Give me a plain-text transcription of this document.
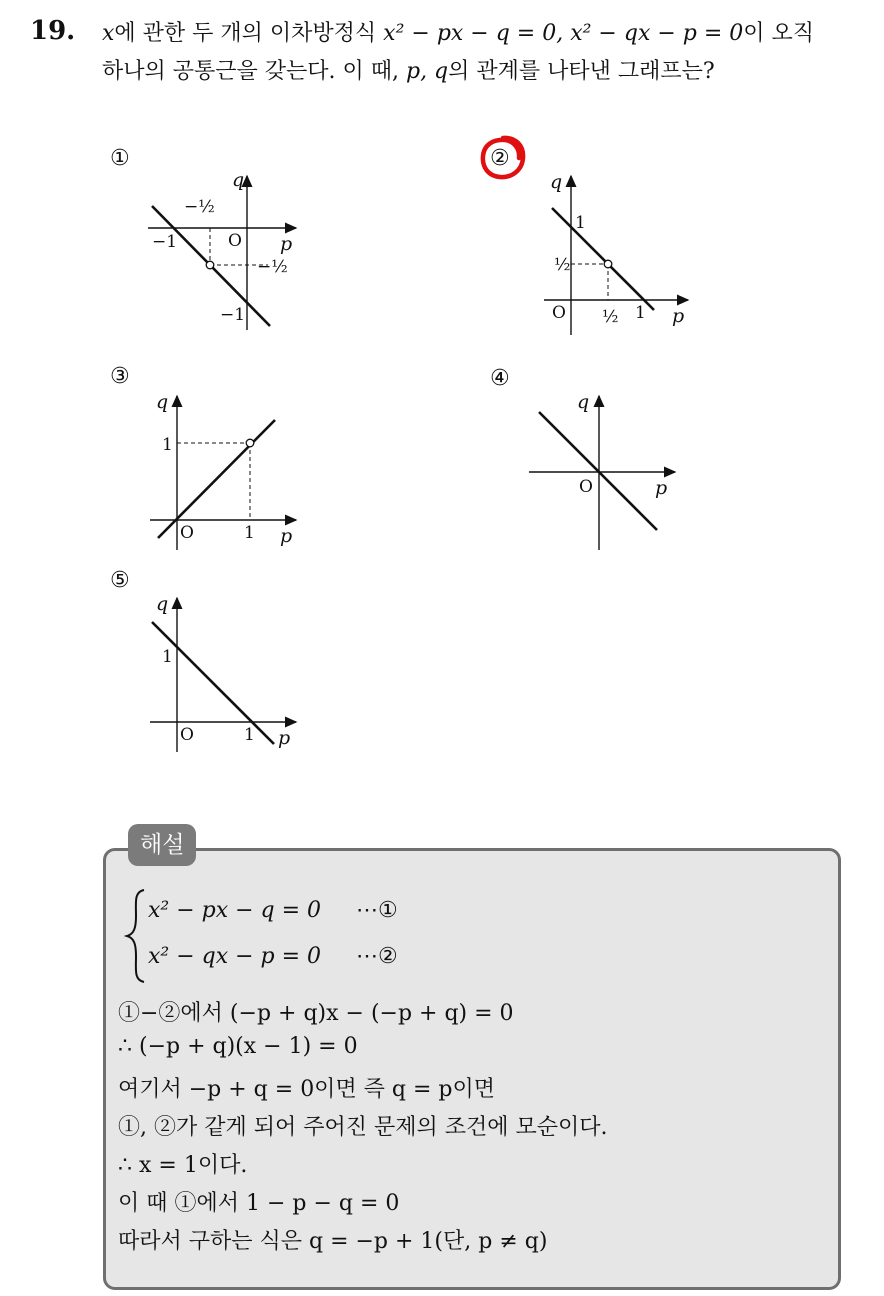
19. x에 관한 두 개의 이차방정식 x² − px − q = 0, x² − qx − p = 0이 오직
하나의 공통근을 갖는다. 이 때, p, q의 관계를 나타낸 그래프는?
①
q
p
O
−1
−1
−½
−½
②
q
p
O
1
1
½
½
③
q
p
O
1
1
④
q
p
O
⑤
q
p
O
1
1
해설
x² − px − q = 0 ⋯①
x² − qx − p = 0 ⋯②
①−②에서 (−p + q)x − (−p + q) = 0
∴ (−p + q)(x − 1) = 0
여기서 −p + q = 0이면 즉 q = p이면
①, ②가 같게 되어 주어진 문제의 조건에 모순이다.
∴ x = 1이다.
이 때 ①에서 1 − p − q = 0
따라서 구하는 식은 q = −p + 1(단, p ≠ q)
